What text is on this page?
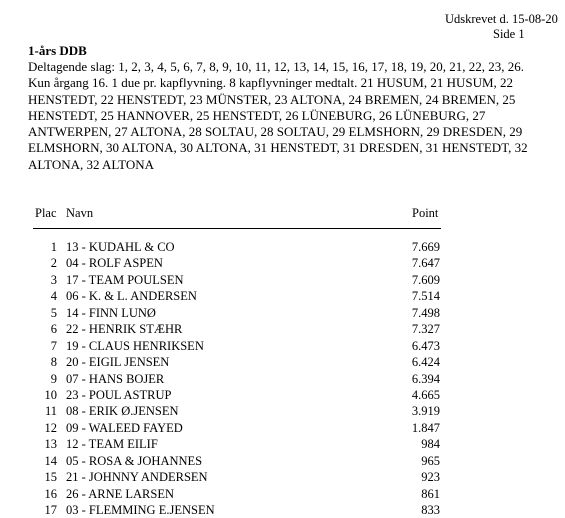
Udskrevet d. 15-08-20
Side 1
1-års DDB
Deltagende slag: 1, 2, 3, 4, 5, 6, 7, 8, 9, 10, 11, 12, 13, 14, 15, 16, 17, 18, 19, 20, 21, 22, 23, 26. Kun årgang 16. 1 due pr. kapflyvning. 8 kapflyvninger medtalt. 21 HUSUM, 21 HUSUM, 22 HENSTEDT, 22 HENSTEDT, 23 MÜNSTER, 23 ALTONA, 24 BREMEN, 24 BREMEN, 25 HENSTEDT, 25 HANNOVER, 25 HENSTEDT, 26 LÜNEBURG, 26 LÜNEBURG, 27 ANTWERPEN, 27 ALTONA, 28 SOLTAU, 28 SOLTAU, 29 ELMSHORN, 29 DRESDEN, 29 ELMSHORN, 30 ALTONA, 30 ALTONA, 31 HENSTEDT, 31 DRESDEN, 31 HENSTEDT, 32 ALTONA, 32 ALTONA
Plac Navn	Point
1 13 - KUDAHL & CO	7.669
2 04 - ROLF ASPEN	7.647
3 17 - TEAM POULSEN	7.609
4 06 - K. & L. ANDERSEN	7.514
5 14 - FINN LUNØ	7.498
6 22 - HENRIK STÆHR	7.327
7 19 - CLAUS HENRIKSEN	6.473
8 20 - EIGIL JENSEN	6.424
9 07 - HANS BOJER	6.394
10 23 - POUL ASTRUP	4.665
11 08 - ERIK Ø.JENSEN	3.919
12 09 - WALEED FAYED	1.847
13 12 - TEAM EILIF	984
14 05 - ROSA & JOHANNES	965
15 21 - JOHNNY ANDERSEN	923
16 26 - ARNE LARSEN	861
17 03 - FLEMMING E.JENSEN	833
